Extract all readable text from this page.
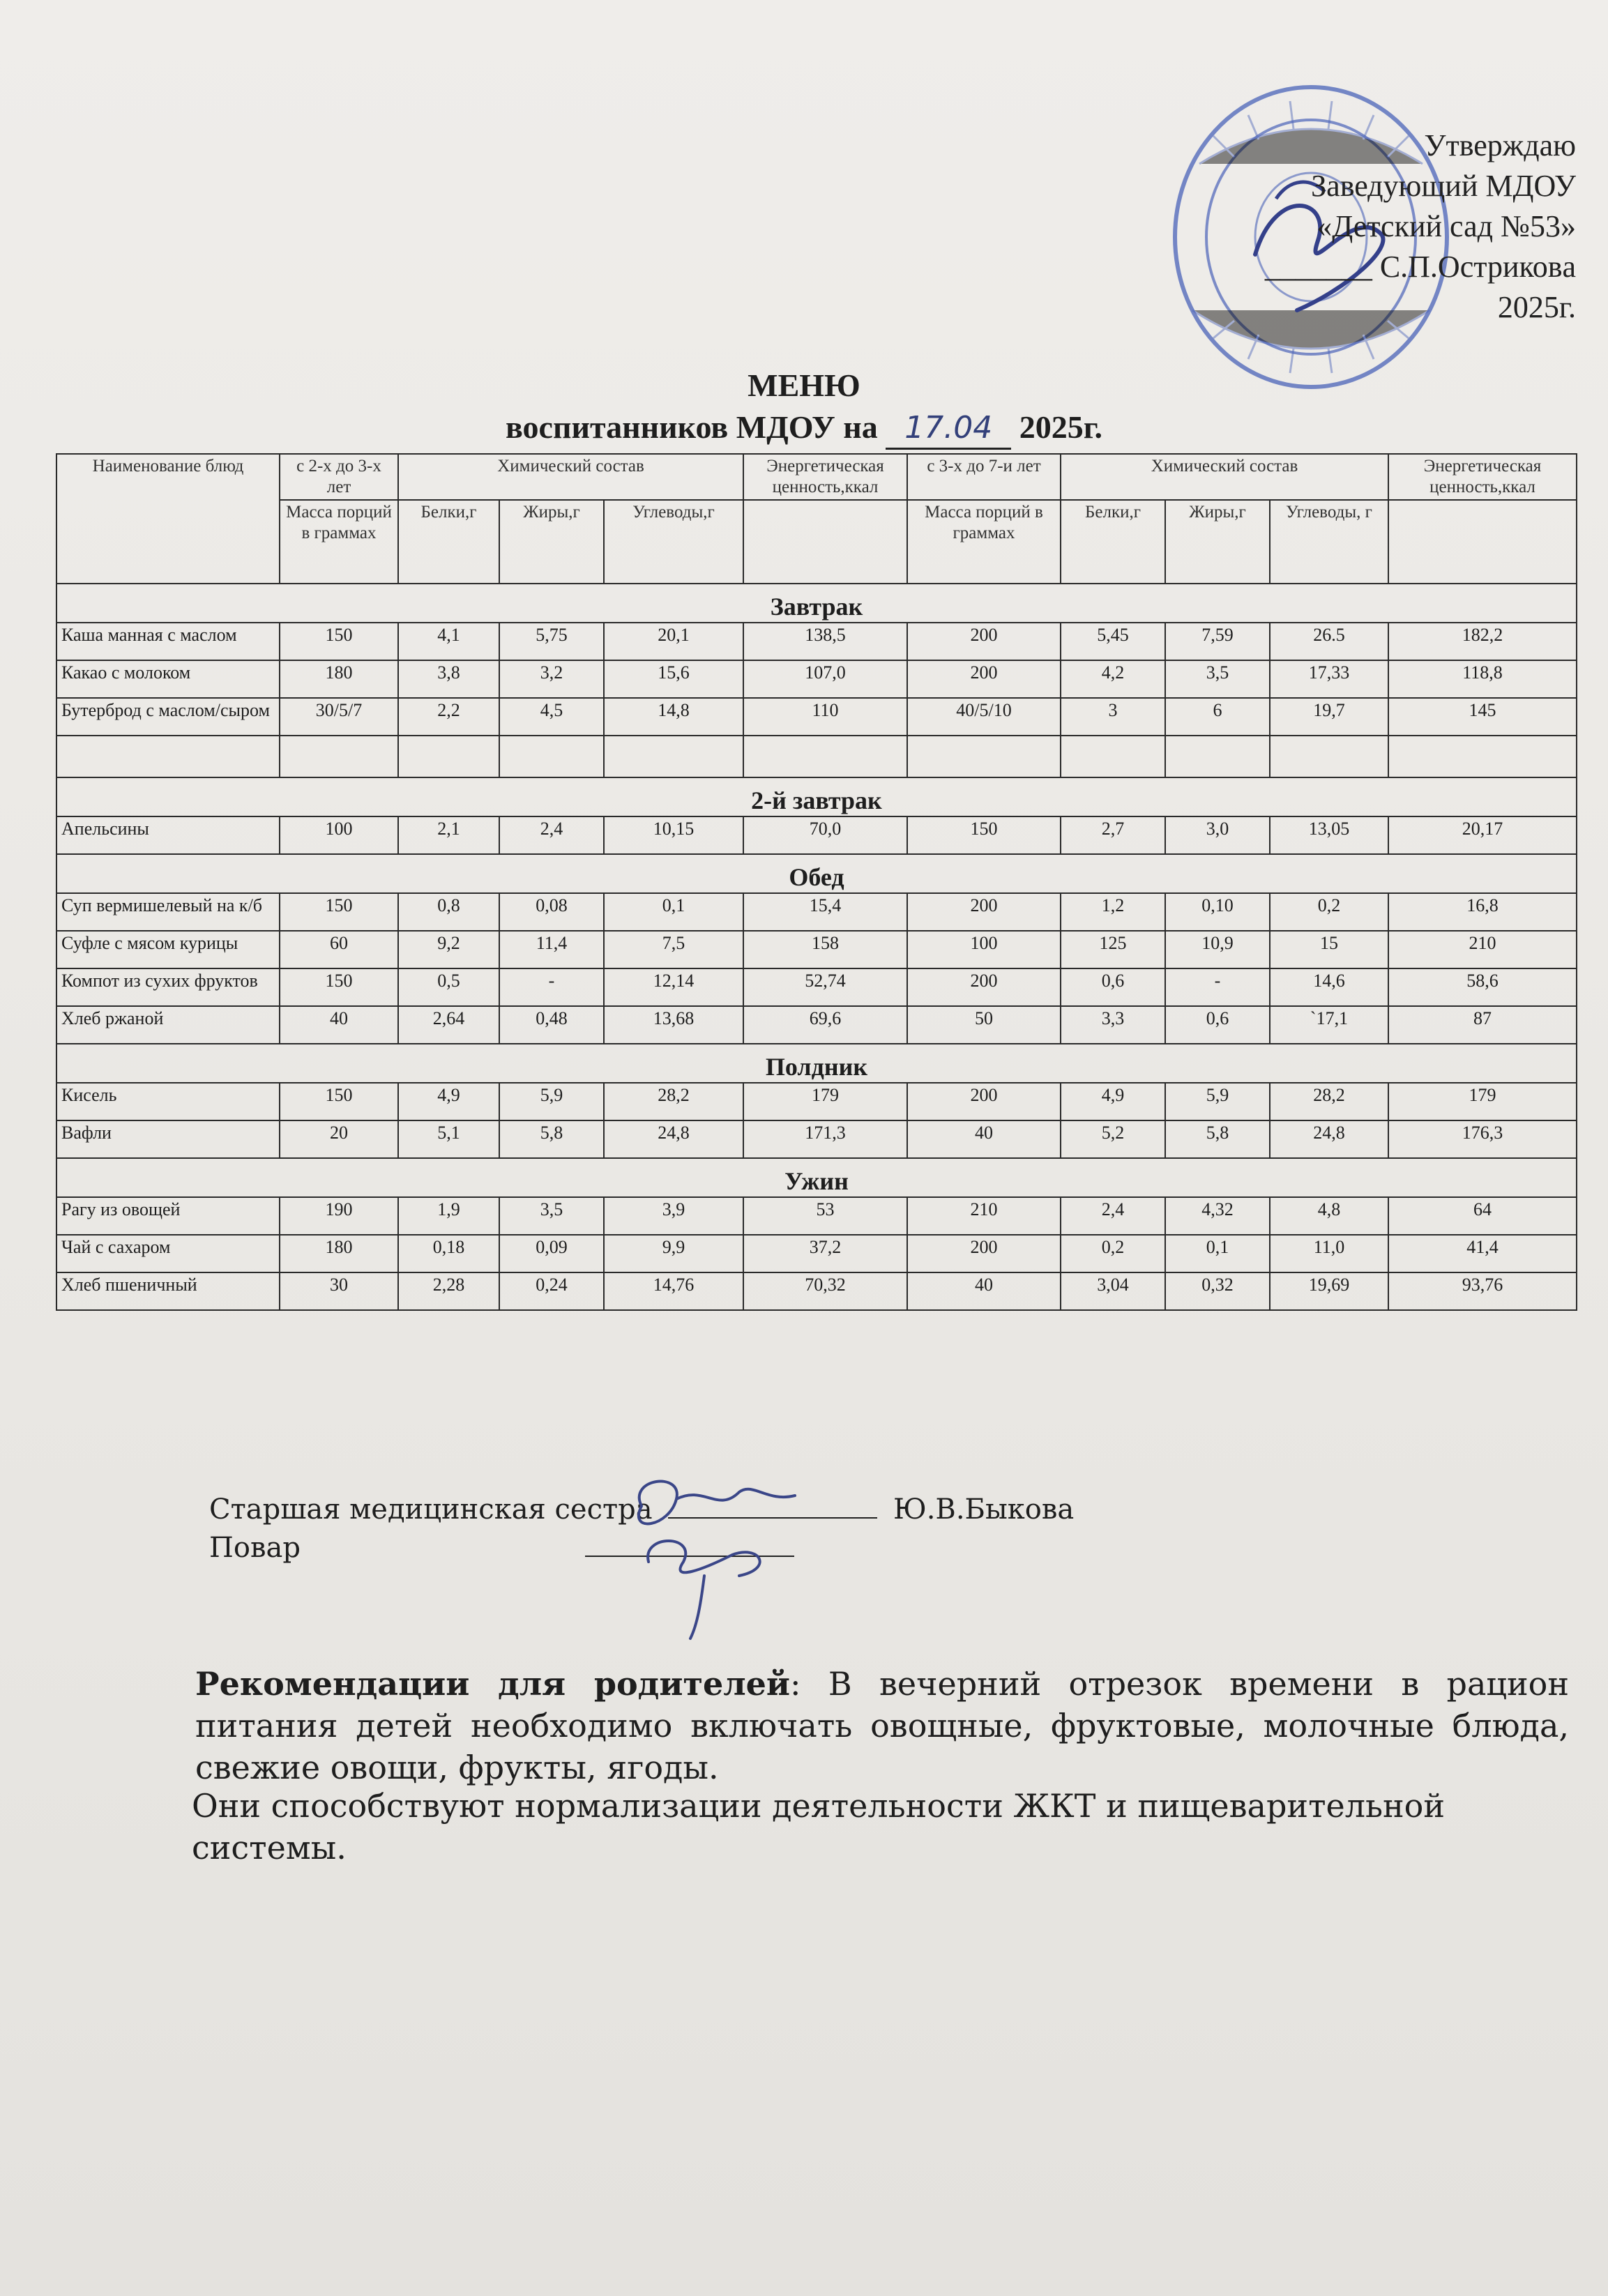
Утверждаю
Заведующий МДОУ
«Детский сад №53»
_______ С.П.Остриковa
2025г.
МЕНЮ
воспитанников МДОУ на 17.04 2025г.
Наименование блюд	с 2-х до 3-х лет	Химический состав			Энергетическая ценность,ккал	с 3-х до 7-и лет	Химический состав			Энергетическая ценность,ккал
	Масса порций в граммах	Белки,г	Жиры,г	Углеводы,г		Масса порций в граммах	Белки,г	Жиры,г	Углеводы, г	
Завтрак										
Каша манная с маслом	150	4,1	5,75	20,1	138,5	200	5,45	7,59	26.5	182,2
Какао с молоком	180	3,8	3,2	15,6	107,0	200	4,2	3,5	17,33	118,8
Бутерброд с маслом/сыром	30/5/7	2,2	4,5	14,8	110	40/5/10	3	6	19,7	145

2-й завтрак										
Апельсины	100	2,1	2,4	10,15	70,0	150	2,7	3,0	13,05	20,17
Обед										
Суп вермишелевый на к/б	150	0,8	0,08	0,1	15,4	200	1,2	0,10	0,2	16,8
Суфле с мясом курицы	60	9,2	11,4	7,5	158	100	125	10,9	15	210
Компот из сухих фруктов	150	0,5	-	12,14	52,74	200	0,6	-	14,6	58,6
Хлеб ржаной	40	2,64	0,48	13,68	69,6	50	3,3	0,6	`17,1	87
Полдник										
Кисель	150	4,9	5,9	28,2	179	200	4,9	5,9	28,2	179
Вафли	20	5,1	5,8	24,8	171,3	40	5,2	5,8	24,8	176,3
Ужин										
Рагу из овощей	190	1,9	3,5	3,9	53	210	2,4	4,32	4,8	64
Чай с сахаром	180	0,18	0,09	9,9	37,2	200	0,2	0,1	11,0	41,4
Хлеб пшеничный	30	2,28	0,24	14,76	70,32	40	3,04	0,32	19,69	93,76
Старшая медицинская сестра	Ю.В.Быкова
Повар
Рекомендации для родителей: В вечерний отрезок времени в рацион питания детей необходимо включать овощные, фруктовые, молочные блюда, свежие овощи, фрукты, ягоды.
Они способствуют нормализации деятельности ЖКТ и пищеварительной системы.
